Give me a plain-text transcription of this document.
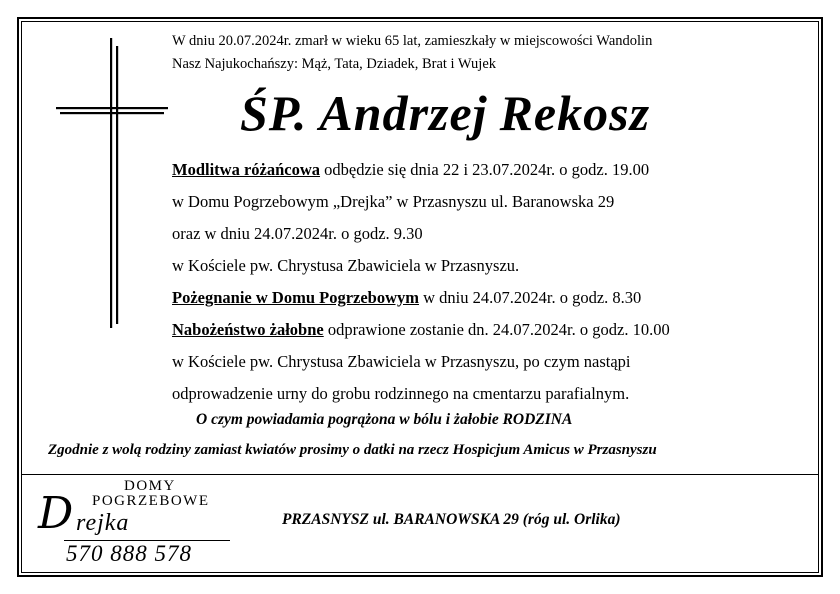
W dniu 20.07.2024r. zmarł w wieku 65 lat, zamieszkały w miejscowości Wandolin
Nasz Najukochańszy: Mąż, Tata, Dziadek, Brat i Wujek
ŚP. Andrzej Rekosz
Modlitwa różańcowa odbędzie się dnia 22 i 23.07.2024r. o godz. 19.00
w Domu Pogrzebowym „Drejka” w Przasnyszu ul. Baranowska 29
oraz w dniu 24.07.2024r. o godz. 9.30
w Kościele pw. Chrystusa Zbawiciela w Przasnyszu.
Pożegnanie w Domu Pogrzebowym w dniu 24.07.2024r. o godz. 8.30
Nabożeństwo żałobne odprawione zostanie dn. 24.07.2024r. o godz. 10.00
w Kościele pw. Chrystusa Zbawiciela w Przasnyszu, po czym nastąpi
odprowadzenie urny do grobu rodzinnego na cmentarzu parafialnym.
O czym powiadamia pogrążona w bólu i żałobie RODZINA
Zgodnie z wolą rodziny zamiast kwiatów prosimy o datki na rzecz Hospicjum Amicus w Przasnyszu
DOMY
POGRZEBOWE
D rejka
570 888 578
PRZASNYSZ ul. BARANOWSKA 29 (róg ul. Orlika)
